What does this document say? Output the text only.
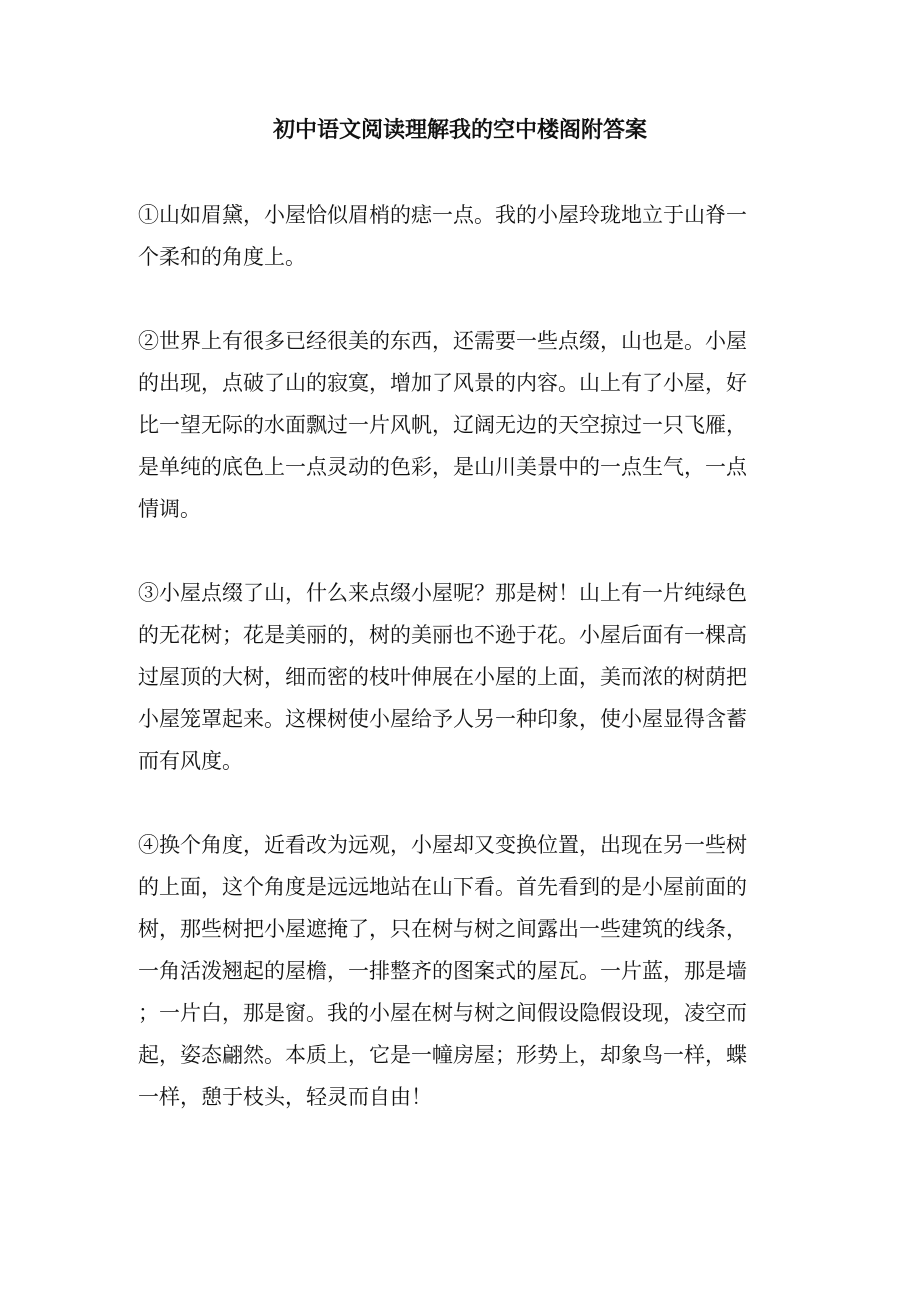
初中语文阅读理解我的空中楼阁附答案
①山如眉黛，小屋恰似眉梢的痣一点。我的小屋玲珑地立于山脊一
个柔和的角度上。
②世界上有很多已经很美的东西，还需要一些点缀，山也是。小屋
的出现，点破了山的寂寞，增加了风景的内容。山上有了小屋，好
比一望无际的水面飘过一片风帆，辽阔无边的天空掠过一只飞雁，
是单纯的底色上一点灵动的色彩，是山川美景中的一点生气，一点
情调。
③小屋点缀了山，什么来点缀小屋呢？那是树！山上有一片纯绿色
的无花树；花是美丽的，树的美丽也不逊于花。小屋后面有一棵高
过屋顶的大树，细而密的枝叶伸展在小屋的上面，美而浓的树荫把
小屋笼罩起来。这棵树使小屋给予人另一种印象，使小屋显得含蓄
而有风度。
④换个角度，近看改为远观，小屋却又变换位置，出现在另一些树
的上面，这个角度是远远地站在山下看。首先看到的是小屋前面的
树，那些树把小屋遮掩了，只在树与树之间露出一些建筑的线条，
一角活泼翘起的屋檐，一排整齐的图案式的屋瓦。一片蓝，那是墙
；一片白，那是窗。我的小屋在树与树之间假设隐假设现，凌空而
起，姿态翩然。本质上，它是一幢房屋；形势上，却象鸟一样，蝶
一样，憩于枝头，轻灵而自由！
